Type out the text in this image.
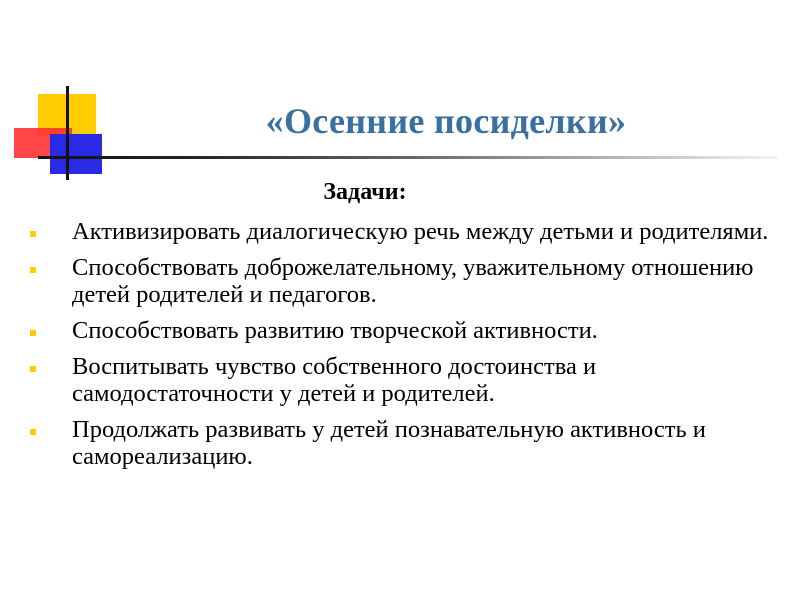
«Осенние посиделки»
Задачи:
Активизировать диалогическую речь между детьми и родителями.
Способствовать доброжелательному, уважительному отношению детей родителей и педагогов.
Способствовать развитию творческой активности.
Воспитывать чувство собственного достоинства и самодостаточности у детей и родителей.
Продолжать развивать у детей познавательную активность и самореализацию.
